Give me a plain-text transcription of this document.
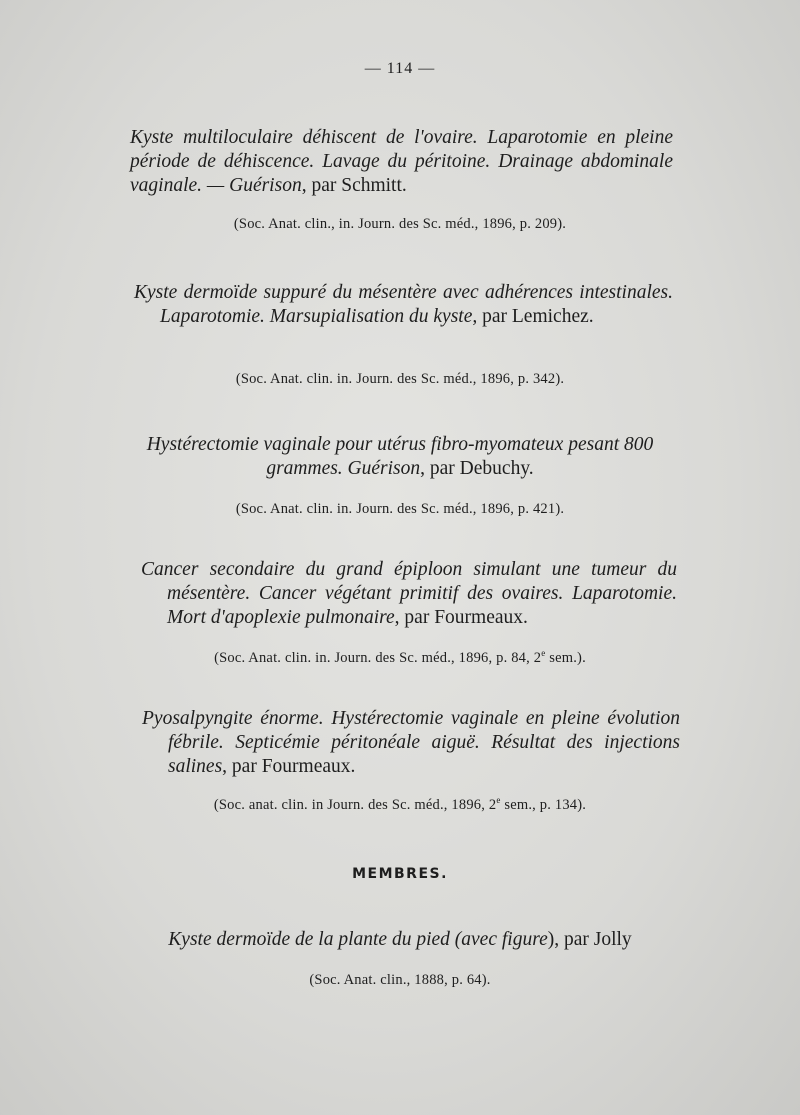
— 114 —

Kyste multiloculaire déhiscent de l'ovaire. Laparotomie en pleine période de déhiscence. Lavage du péritoine. Drainage abdominale vaginale. — Guérison, par Schmitt.

(Soc. Anat. clin., in. Journ. des Sc. méd., 1896, p. 209).

Kyste dermoïde suppuré du mésentère avec adhérences intestinales. Laparotomie. Marsupialisation du kyste, par Lemichez.

(Soc. Anat. clin. in. Journ. des Sc. méd., 1896, p. 342).

Hystérectomie vaginale pour utérus fibro-myomateux pesant 800 grammes. Guérison, par Debuchy.

(Soc. Anat. clin. in. Journ. des Sc. méd., 1896, p. 421).

Cancer secondaire du grand épiploon simulant une tumeur du mésentère. Cancer végétant primitif des ovaires. Laparotomie. Mort d'apoplexie pulmonaire, par Fourmeaux.

(Soc. Anat. clin. in. Journ. des Sc. méd., 1896, p. 84, 2e sem.).

Pyosalpyngite énorme. Hystérectomie vaginale en pleine évolution fébrile. Septicémie péritonéale aiguë. Résultat des injections salines, par Fourmeaux.

(Soc. anat. clin. in Journ. des Sc. méd., 1896, 2e sem., p. 134).
MEMBRES.

Kyste dermoïde de la plante du pied (avec figure), par Jolly

(Soc. Anat. clin., 1888, p. 64).
